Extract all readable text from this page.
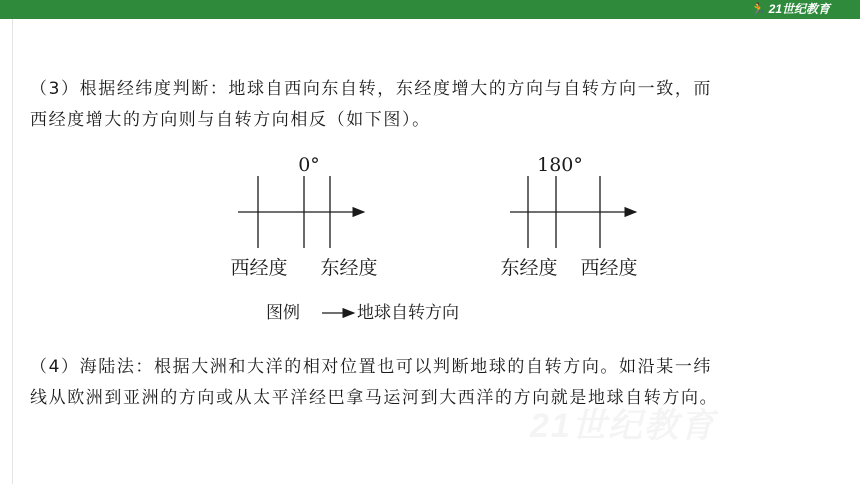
🏃 21世纪教育
（3）根据经纬度判断：地球自西向东自转，东经度增大的方向与自转方向一致，而
西经度增大的方向则与自转方向相反（如下图）。
0°
西经度 东经度
180°
东经度 西经度
图例	地球自转方向
（4）海陆法：根据大洲和大洋的相对位置也可以判断地球的自转方向。如沿某一纬
线从欧洲到亚洲的方向或从太平洋经巴拿马运河到大西洋的方向就是地球自转方向。
21世纪教育
